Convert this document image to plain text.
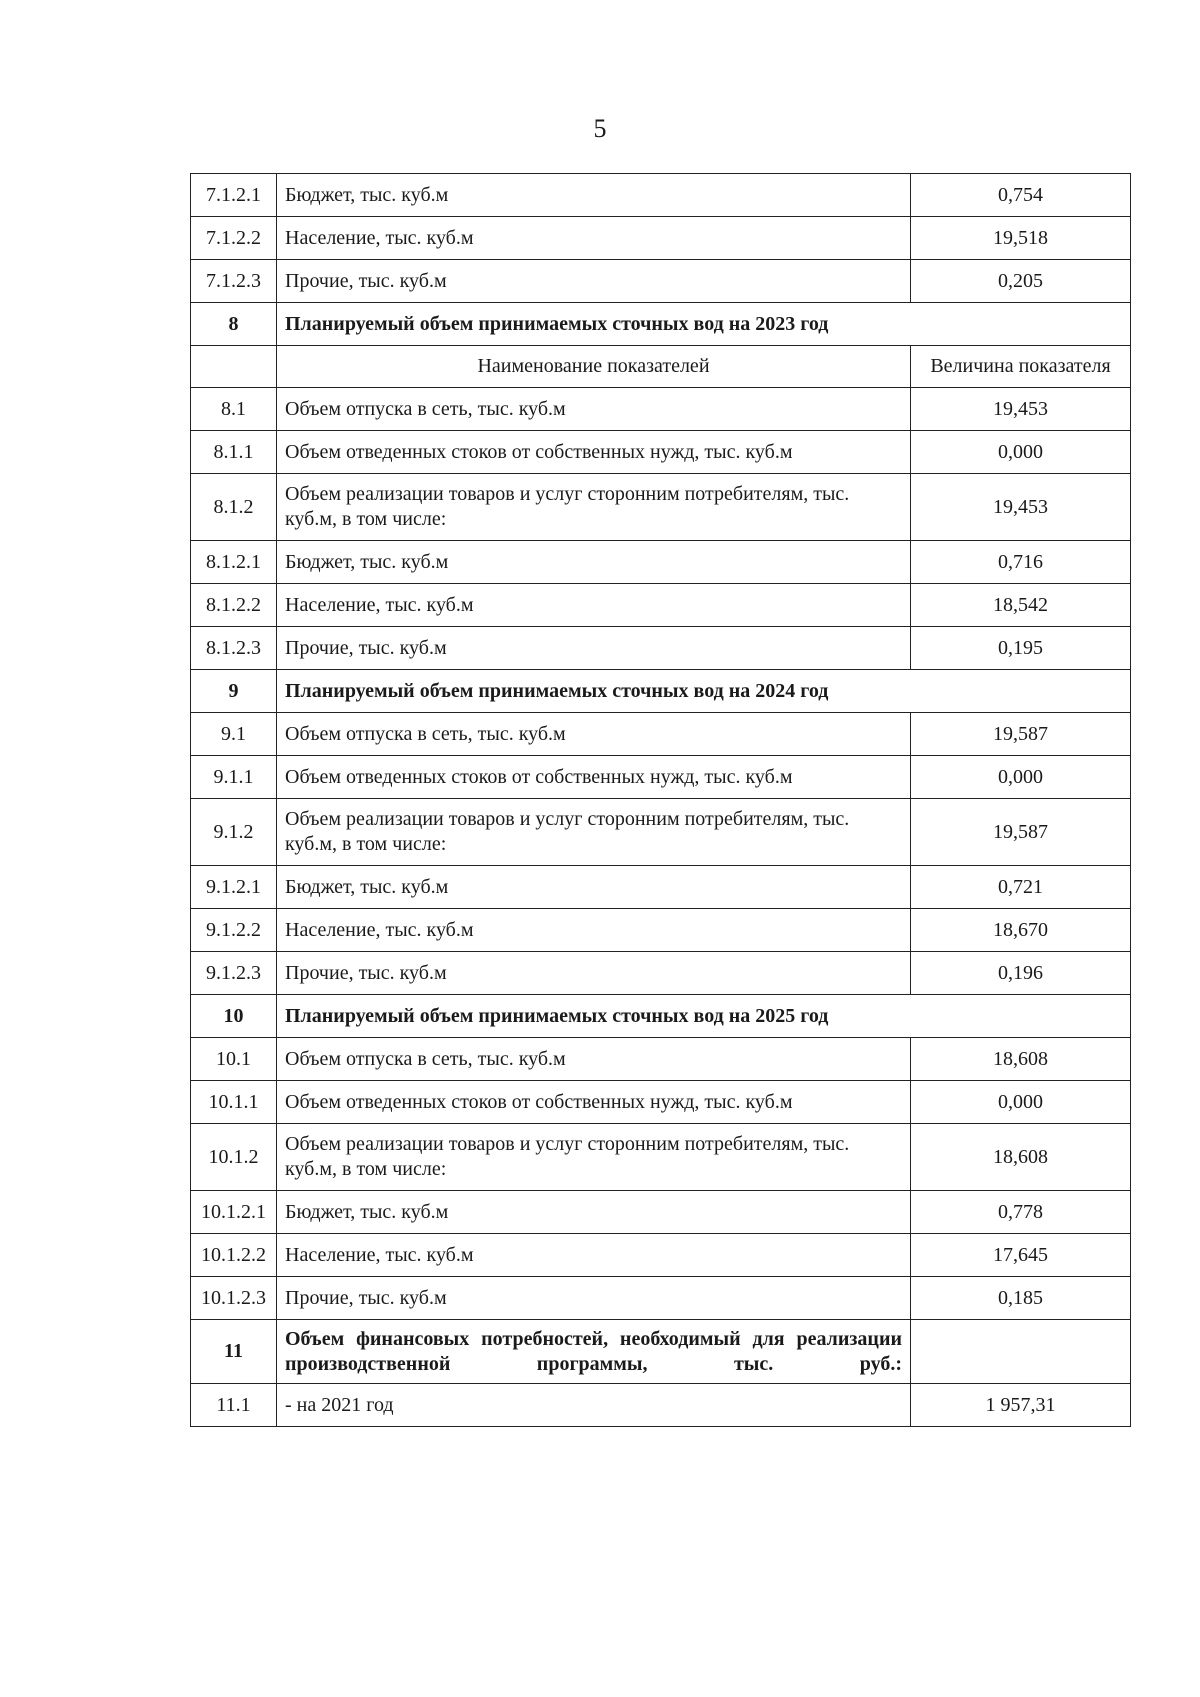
5
7.1.2.1	Бюджет, тыс. куб.м	0,754
7.1.2.2	Население, тыс. куб.м	19,518
7.1.2.3	Прочие, тыс. куб.м	0,205
8	Планируемый объем принимаемых сточных вод на 2023 год	
	Наименование показателей	Величина показателя
8.1	Объем отпуска в сеть, тыс. куб.м	19,453
8.1.1	Объем отведенных стоков от собственных нужд, тыс. куб.м	0,000
8.1.2	Объем реализации товаров и услуг сторонним потребителям, тыс. куб.м, в том числе:	19,453
8.1.2.1	Бюджет, тыс. куб.м	0,716
8.1.2.2	Население, тыс. куб.м	18,542
8.1.2.3	Прочие, тыс. куб.м	0,195
9	Планируемый объем принимаемых сточных вод на 2024 год	
9.1	Объем отпуска в сеть, тыс. куб.м	19,587
9.1.1	Объем отведенных стоков от собственных нужд, тыс. куб.м	0,000
9.1.2	Объем реализации товаров и услуг сторонним потребителям, тыс. куб.м, в том числе:	19,587
9.1.2.1	Бюджет, тыс. куб.м	0,721
9.1.2.2	Население, тыс. куб.м	18,670
9.1.2.3	Прочие, тыс. куб.м	0,196
10	Планируемый объем принимаемых сточных вод на 2025 год	
10.1	Объем отпуска в сеть, тыс. куб.м	18,608
10.1.1	Объем отведенных стоков от собственных нужд, тыс. куб.м	0,000
10.1.2	Объем реализации товаров и услуг сторонним потребителям, тыс. куб.м, в том числе:	18,608
10.1.2.1	Бюджет, тыс. куб.м	0,778
10.1.2.2	Население, тыс. куб.м	17,645
10.1.2.3	Прочие, тыс. куб.м	0,185
11	Объем финансовых потребностей, необходимый для реализации производственной программы, тыс. руб.:	
11.1	- на 2021 год	1 957,31
